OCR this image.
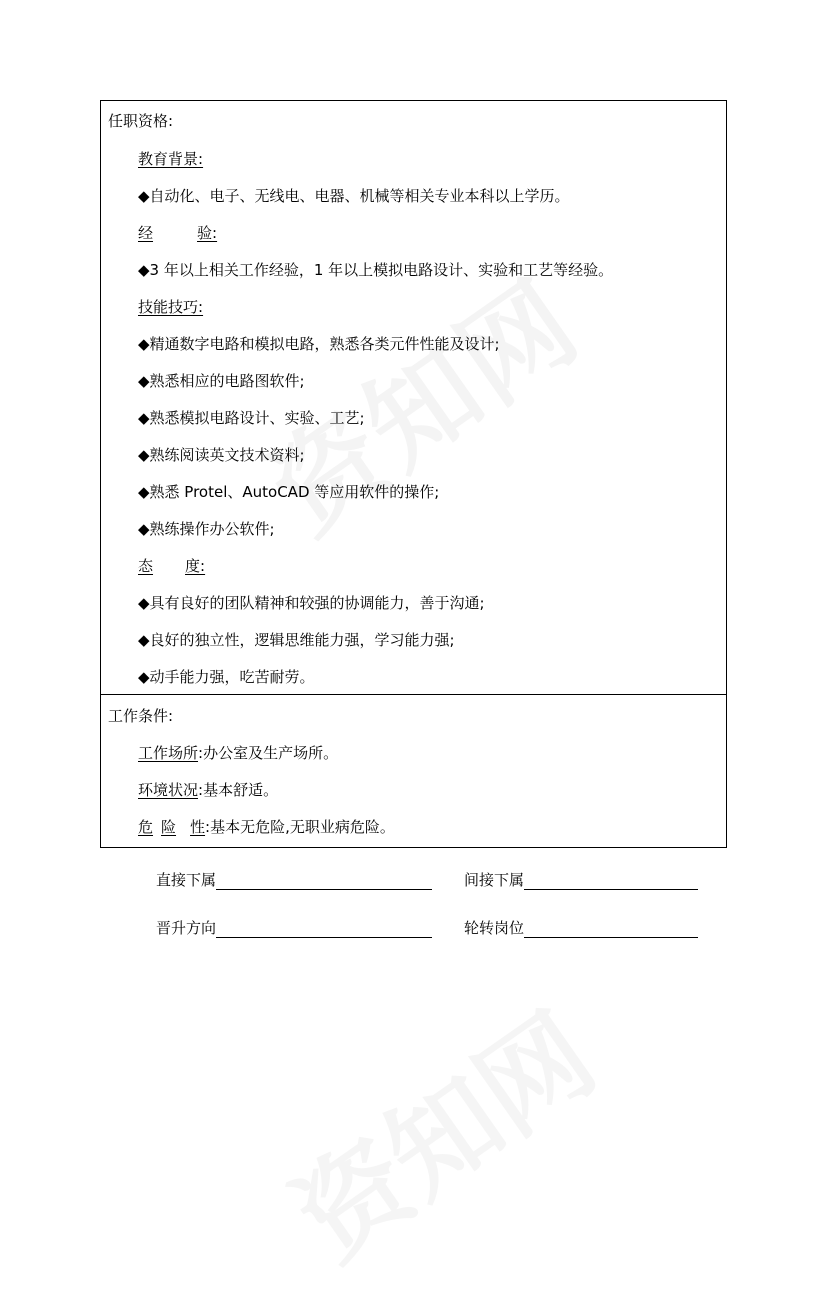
任职资格:
教育背景:
◆自动化、电子、无线电、电器、机械等相关专业本科以上学历。
经	验:
◆3 年以上相关工作经验，1 年以上模拟电路设计、实验和工艺等经验。
技能技巧:
◆精通数字电路和模拟电路，熟悉各类元件性能及设计;
◆熟悉相应的电路图软件;
◆熟悉模拟电路设计、实验、工艺;
◆熟练阅读英文技术资料;
◆熟悉 Protel、AutoCAD 等应用软件的操作;
◆熟练操作办公软件;
态 度:
◆具有良好的团队精神和较强的协调能力，善于沟通;
◆良好的独立性，逻辑思维能力强，学习能力强;
◆动手能力强，吃苦耐劳。
工作条件:
工作场所:办公室及生产场所。
环境状况:基本舒适。
危 险 性:基本无危险,无职业病危险。
直接下属	间接下属
晋升方向	轮转岗位
